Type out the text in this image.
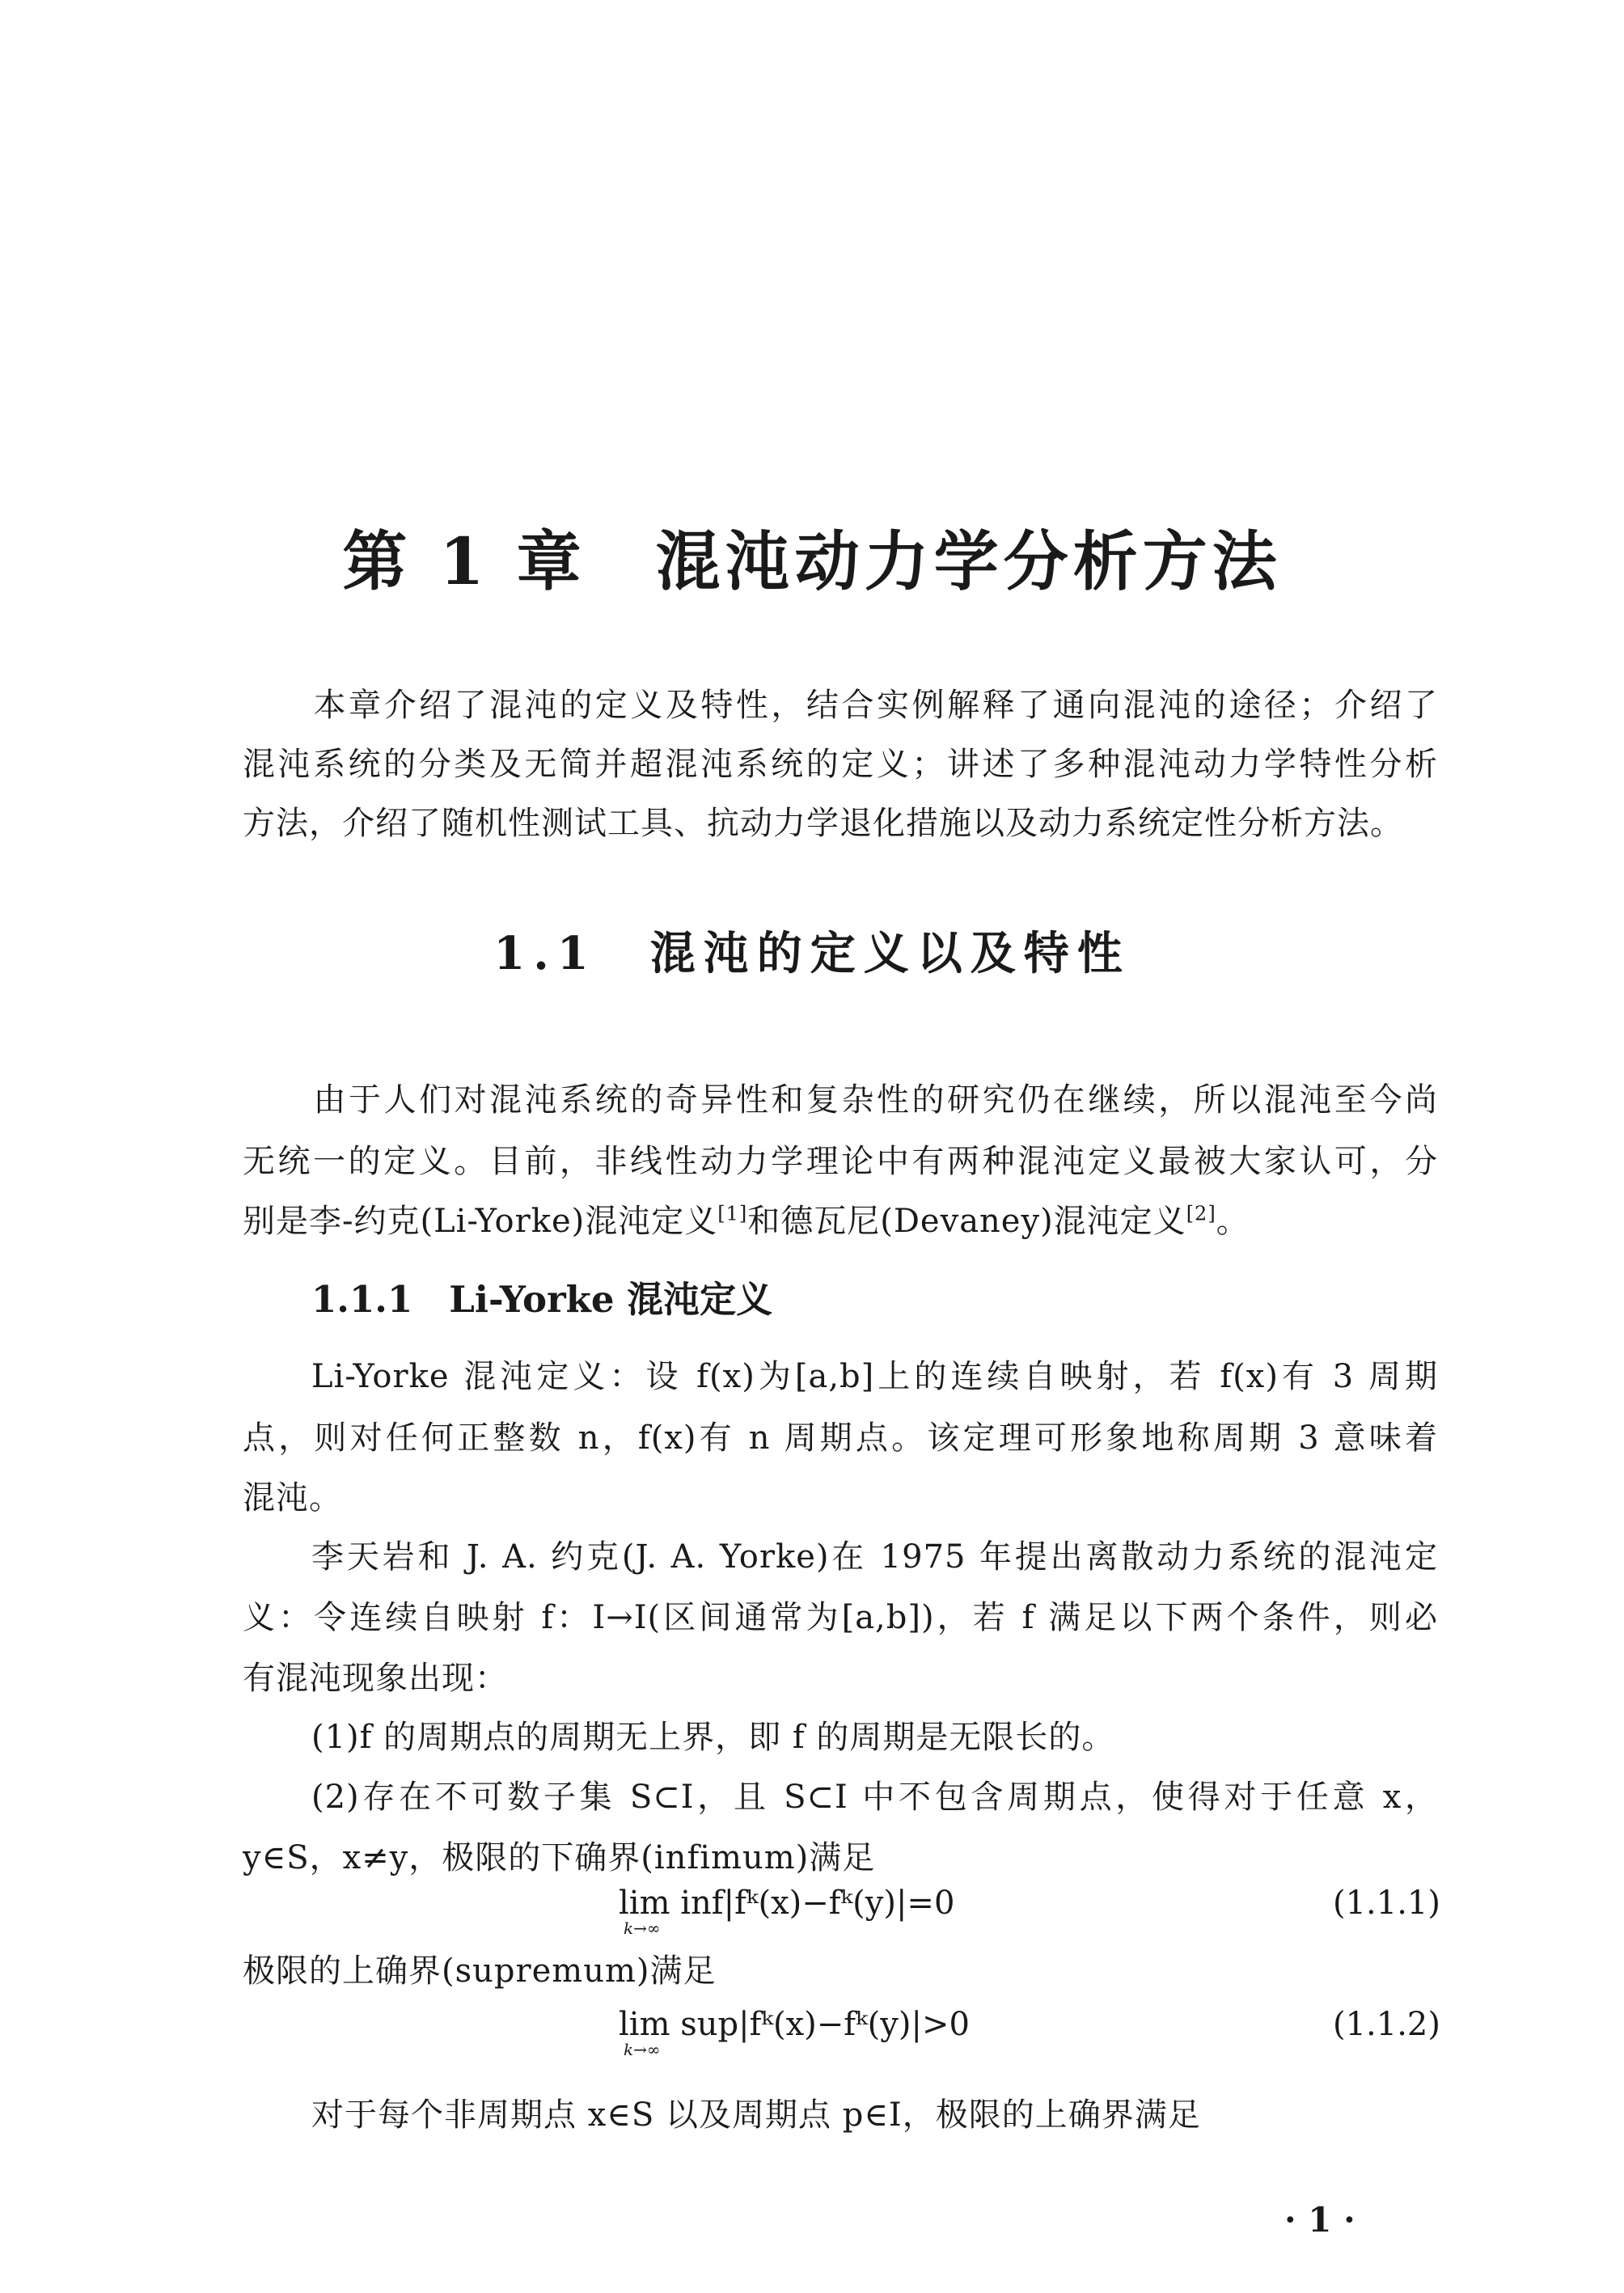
第 1 章　混沌动力学分析方法
本章介绍了混沌的定义及特性，结合实例解释了通向混沌的途径；介绍了
混沌系统的分类及无简并超混沌系统的定义；讲述了多种混沌动力学特性分析
方法，介绍了随机性测试工具、抗动力学退化措施以及动力系统定性分析方法。
1.1　混沌的定义以及特性
由于人们对混沌系统的奇异性和复杂性的研究仍在继续，所以混沌至今尚
无统一的定义。目前，非线性动力学理论中有两种混沌定义最被大家认可，分
别是李-约克(Li-Yorke)混沌定义[1]和德瓦尼(Devaney)混沌定义[2]。
1.1.1　Li-Yorke 混沌定义
Li-Yorke 混沌定义：设 f(x)为[a,b]上的连续自映射，若 f(x)有 3 周期
点，则对任何正整数 n，f(x)有 n 周期点。该定理可形象地称周期 3 意味着
混沌。
李天岩和 J. A. 约克(J. A. Yorke)在 1975 年提出离散动力系统的混沌定
义：令连续自映射 f：I→I(区间通常为[a,b])，若 f 满足以下两个条件，则必
有混沌现象出现：
(1)f 的周期点的周期无上界，即 f 的周期是无限长的。
(2)存在不可数子集 S⊂I，且 S⊂I 中不包含周期点，使得对于任意 x，
y∈S，x≠y，极限的下确界(infimum)满足
lim
k→∞
inf|fᵏ(x)−fᵏ(y)|=0	(1.1.1)
极限的上确界(supremum)满足
lim
k→∞
sup|fᵏ(x)−fᵏ(y)|>0	(1.1.2)
对于每个非周期点 x∈S 以及周期点 p∈I，极限的上确界满足
· 1 ·
